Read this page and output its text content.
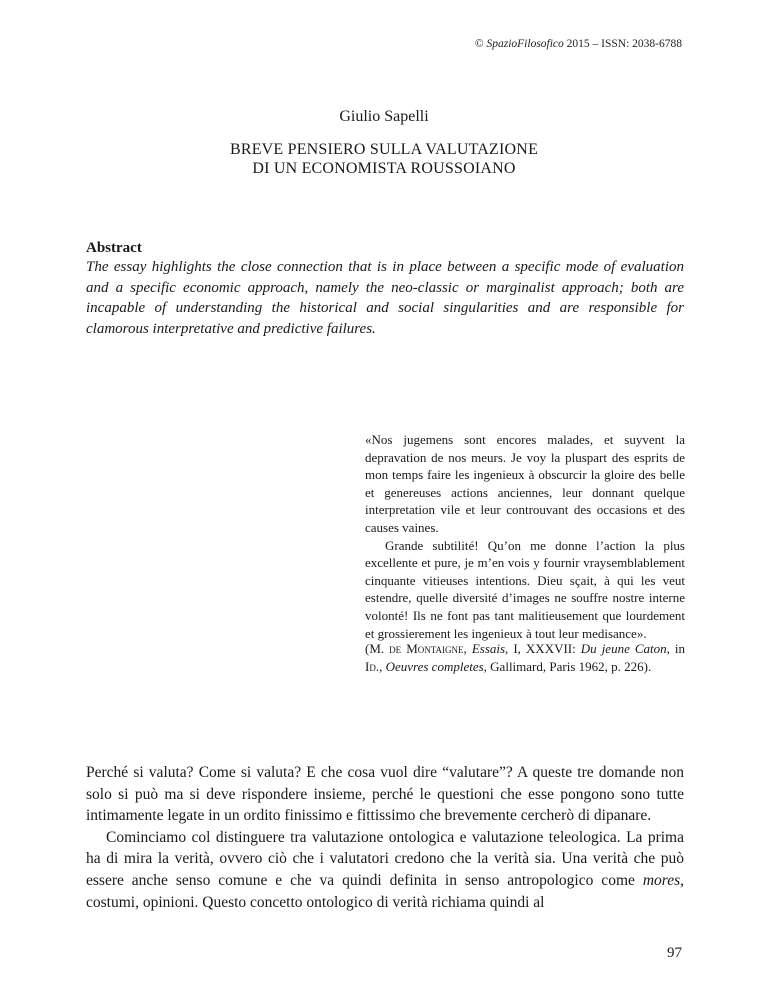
© SpazioFilosofico 2015 – ISSN: 2038-6788
Giulio Sapelli
BREVE PENSIERO SULLA VALUTAZIONE
DI UN ECONOMISTA ROUSSOIANO
Abstract
The essay highlights the close connection that is in place between a specific mode of evaluation and a specific economic approach, namely the neo-classic or marginalist approach; both are incapable of understanding the historical and social singularities and are responsible for clamorous interpretative and predictive failures.

«Nos jugemens sont encores malades, et suyvent la depravation de nos meurs. Je voy la pluspart des esprits de mon temps faire les ingenieux à obscurcir la gloire des belle et genereuses actions anciennes, leur donnant quelque interpretation vile et leur controuvant des occasions et des causes vaines.

Grande subtilité! Qu’on me donne l’action la plus excellente et pure, je m’en vois y fournir vraysemblablement cinquante vitieuses intentions. Dieu sçait, à qui les veut estendre, quelle diversité d’images ne souffre nostre interne volonté! Ils ne font pas tant malitieusement que lourdement et grossierement les ingenieux à tout leur medisance».

(M. de Montaigne, Essais, I, XXXVII: Du jeune Caton, in Id., Oeuvres completes, Gallimard, Paris 1962, p. 226).

Perché si valuta? Come si valuta? E che cosa vuol dire “valutare”? A queste tre domande non solo si può ma si deve rispondere insieme, perché le questioni che esse pongono sono tutte intimamente legate in un ordito finissimo e fittissimo che brevemente cercherò di dipanare.

Cominciamo col distinguere tra valutazione ontologica e valutazione teleologica. La prima ha di mira la verità, ovvero ciò che i valutatori credono che la verità sia. Una verità che può essere anche senso comune e che va quindi definita in senso antropologico come mores, costumi, opinioni. Questo concetto ontologico di verità richiama quindi al

97
